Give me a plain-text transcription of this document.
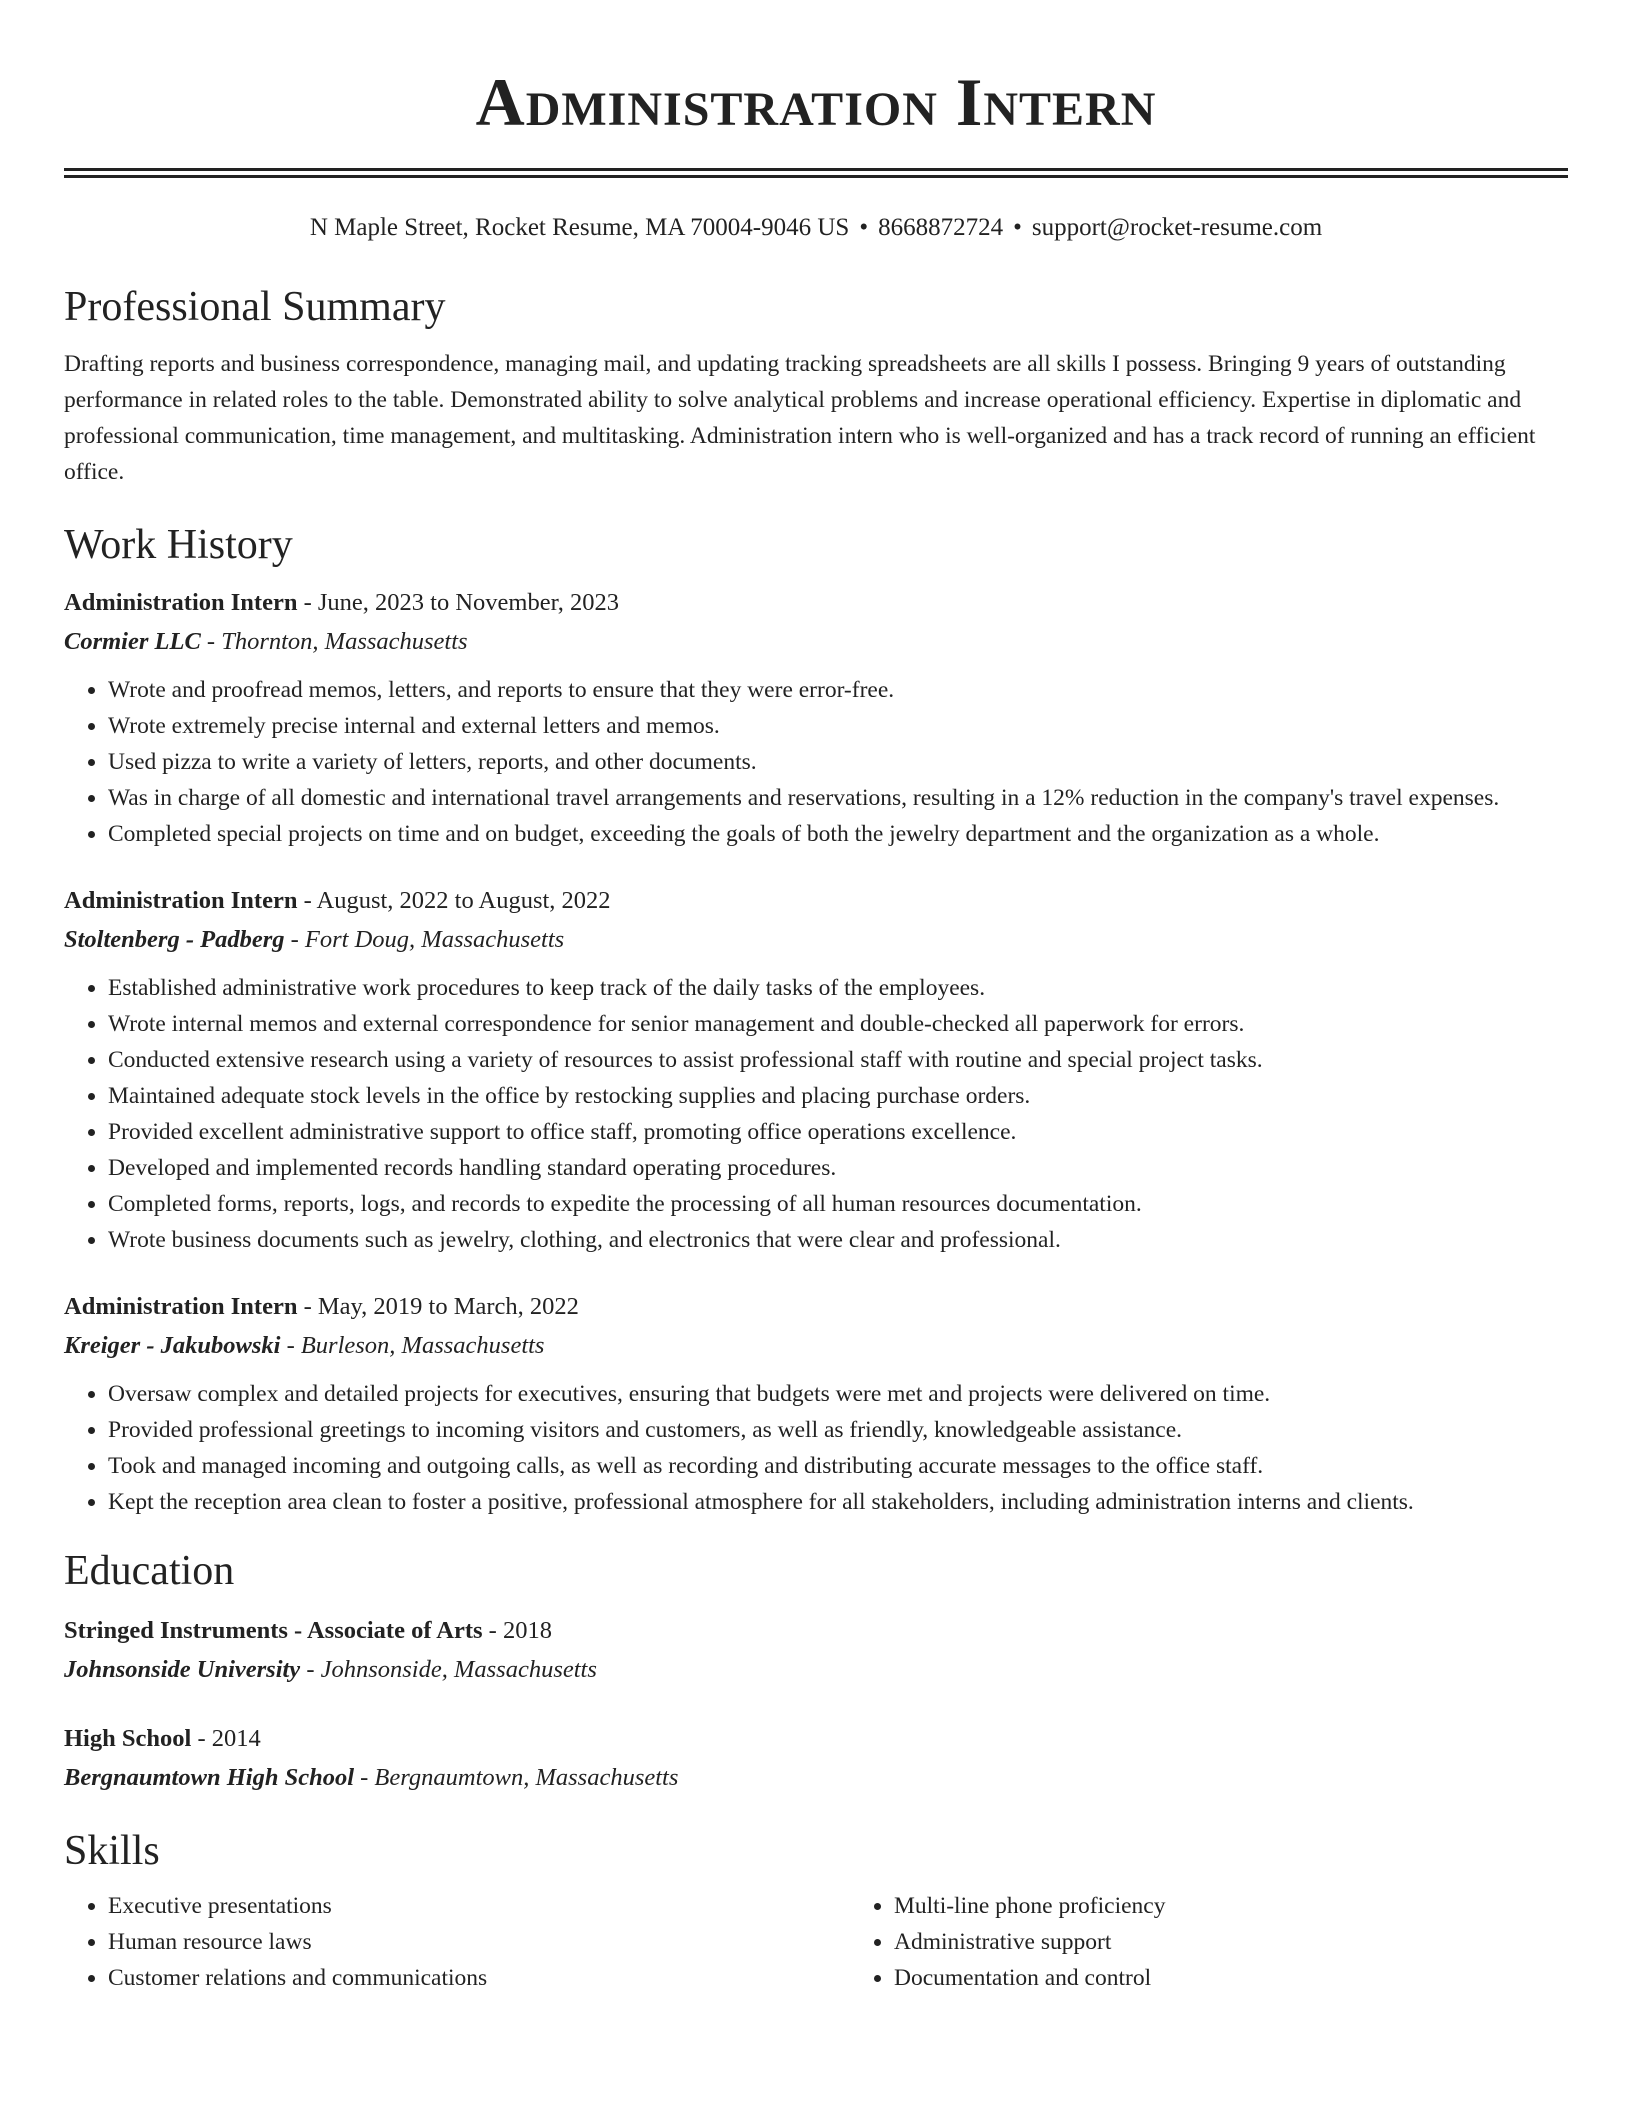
Administration Intern
N Maple Street, Rocket Resume, MA 70004-9046 US • 8668872724 • support@rocket-resume.com
Professional Summary

Drafting reports and business correspondence, managing mail, and updating tracking spreadsheets are all skills I possess. Bringing 9 years of outstanding performance in related roles to the table. Demonstrated ability to solve analytical problems and increase operational efficiency. Expertise in diplomatic and professional communication, time management, and multitasking. Administration intern who is well-organized and has a track record of running an efficient office.

Work History
Administration Intern - June, 2023 to November, 2023
Cormier LLC - Thornton, Massachusetts
• Wrote and proofread memos, letters, and reports to ensure that they were error-free.
• Wrote extremely precise internal and external letters and memos.
• Used pizza to write a variety of letters, reports, and other documents.
• Was in charge of all domestic and international travel arrangements and reservations, resulting in a 12% reduction in the company's travel expenses.
• Completed special projects on time and on budget, exceeding the goals of both the jewelry department and the organization as a whole.
Administration Intern - August, 2022 to August, 2022
Stoltenberg - Padberg - Fort Doug, Massachusetts
• Established administrative work procedures to keep track of the daily tasks of the employees.
• Wrote internal memos and external correspondence for senior management and double-checked all paperwork for errors.
• Conducted extensive research using a variety of resources to assist professional staff with routine and special project tasks.
• Maintained adequate stock levels in the office by restocking supplies and placing purchase orders.
• Provided excellent administrative support to office staff, promoting office operations excellence.
• Developed and implemented records handling standard operating procedures.
• Completed forms, reports, logs, and records to expedite the processing of all human resources documentation.
• Wrote business documents such as jewelry, clothing, and electronics that were clear and professional.
Administration Intern - May, 2019 to March, 2022
Kreiger - Jakubowski - Burleson, Massachusetts
• Oversaw complex and detailed projects for executives, ensuring that budgets were met and projects were delivered on time.
• Provided professional greetings to incoming visitors and customers, as well as friendly, knowledgeable assistance.
• Took and managed incoming and outgoing calls, as well as recording and distributing accurate messages to the office staff.
• Kept the reception area clean to foster a positive, professional atmosphere for all stakeholders, including administration interns and clients.
Education
Stringed Instruments - Associate of Arts - 2018
Johnsonside University - Johnsonside, Massachusetts
High School - 2014
Bergnaumtown High School - Bergnaumtown, Massachusetts
Skills
• Executive presentations
• Human resource laws
• Customer relations and communications
• Multi-line phone proficiency
• Administrative support
• Documentation and control
